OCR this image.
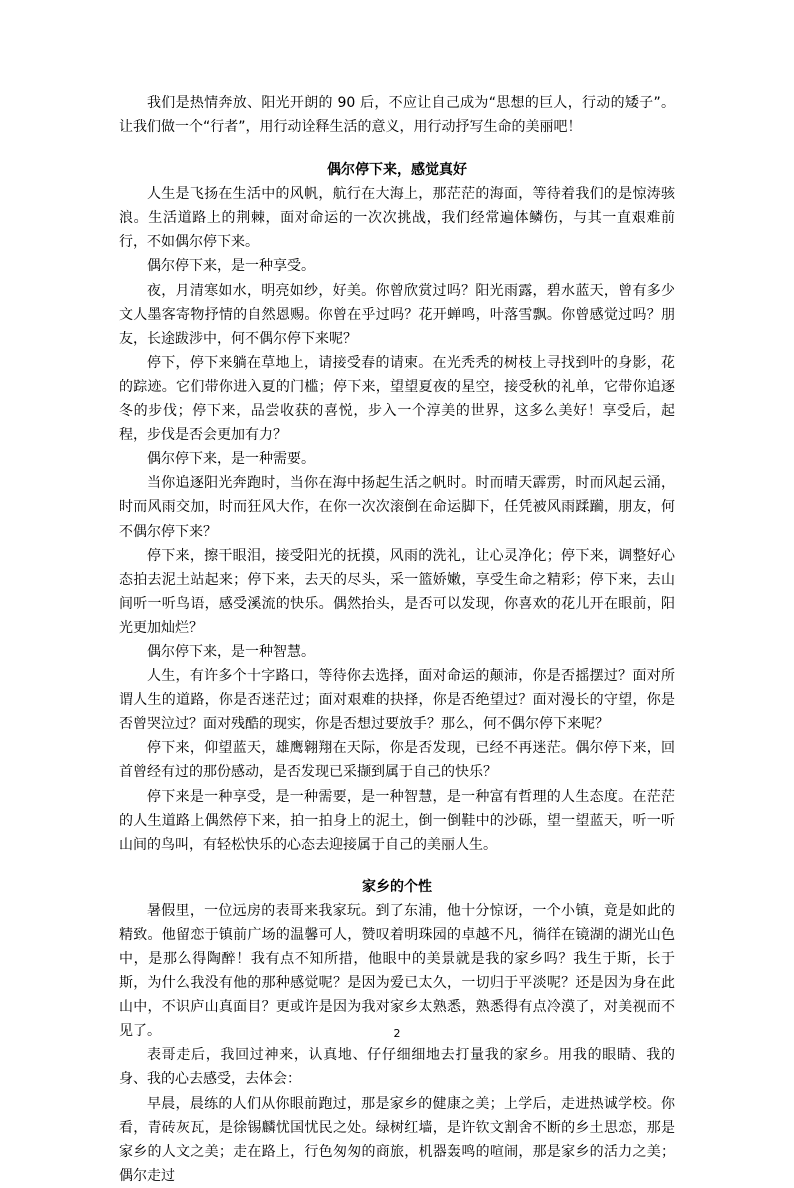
我们是热情奔放、阳光开朗的 90 后，不应让自己成为“思想的巨人，行动的矮子”。让我们做一个“行者”，用行动诠释生活的意义，用行动抒写生命的美丽吧！

偶尔停下来，感觉真好

人生是飞扬在生活中的风帆，航行在大海上，那茫茫的海面，等待着我们的是惊涛骇浪。生活道路上的荆棘，面对命运的一次次挑战，我们经常遍体鳞伤，与其一直艰难前行，不如偶尔停下来。

偶尔停下来，是一种享受。

夜，月清寒如水，明亮如纱，好美。你曾欣赏过吗？阳光雨露，碧水蓝天，曾有多少文人墨客寄物抒情的自然恩赐。你曾在乎过吗？花开蝉鸣，叶落雪飘。你曾感觉过吗？朋友，长途跋涉中，何不偶尔停下来呢？

停下，停下来躺在草地上，请接受春的请柬。在光秃秃的树枝上寻找到叶的身影，花的踪迹。它们带你进入夏的门槛；停下来，望望夏夜的星空，接受秋的礼单，它带你追逐冬的步伐；停下来，品尝收获的喜悦，步入一个淳美的世界，这多么美好！享受后，起程，步伐是否会更加有力？

偶尔停下来，是一种需要。

当你追逐阳光奔跑时，当你在海中扬起生活之帆时。时而晴天霹雳，时而风起云涌，时而风雨交加，时而狂风大作，在你一次次滚倒在命运脚下，任凭被风雨蹂躏，朋友，何不偶尔停下来？

停下来，擦干眼泪，接受阳光的抚摸，风雨的洗礼，让心灵净化；停下来，调整好心态拍去泥土站起来；停下来，去天的尽头，采一篮娇嫩，享受生命之精彩；停下来，去山间听一听鸟语，感受溪流的快乐。偶然抬头，是否可以发现，你喜欢的花儿开在眼前，阳光更加灿烂？

偶尔停下来，是一种智慧。

人生，有许多个十字路口，等待你去选择，面对命运的颠沛，你是否摇摆过？面对所谓人生的道路，你是否迷茫过；面对艰难的抉择，你是否绝望过？面对漫长的守望，你是否曾哭泣过？面对残酷的现实，你是否想过要放手？那么，何不偶尔停下来呢？

停下来，仰望蓝天，雄鹰翱翔在天际，你是否发现，已经不再迷茫。偶尔停下来，回首曾经有过的那份感动，是否发现已采撷到属于自己的快乐？

停下来是一种享受，是一种需要，是一种智慧，是一种富有哲理的人生态度。在茫茫的人生道路上偶然停下来，拍一拍身上的泥土，倒一倒鞋中的沙砾，望一望蓝天，听一听山间的鸟叫，有轻松快乐的心态去迎接属于自己的美丽人生。

家乡的个性

暑假里，一位远房的表哥来我家玩。到了东浦，他十分惊讶，一个小镇，竟是如此的精致。他留恋于镇前广场的温馨可人，赞叹着明珠园的卓越不凡，徜徉在镜湖的湖光山色中，是那么得陶醉！我有点不知所措，他眼中的美景就是我的家乡吗？我生于斯，长于斯，为什么我没有他的那种感觉呢？是因为爱已太久，一切归于平淡呢？还是因为身在此山中，不识庐山真面目？更或许是因为我对家乡太熟悉，熟悉得有点冷漠了，对美视而不见了。

表哥走后，我回过神来，认真地、仔仔细细地去打量我的家乡。用我的眼睛、我的身、我的心去感受，去体会：

早晨，晨练的人们从你眼前跑过，那是家乡的健康之美；上学后，走进热诚学校。你看，青砖灰瓦，是徐锡麟忧国忧民之处。绿树红墙，是许钦文割舍不断的乡土思恋，那是家乡的人文之美；走在路上，行色匆匆的商旅，机器轰鸣的喧闹，那是家乡的活力之美；偶尔走过

2
